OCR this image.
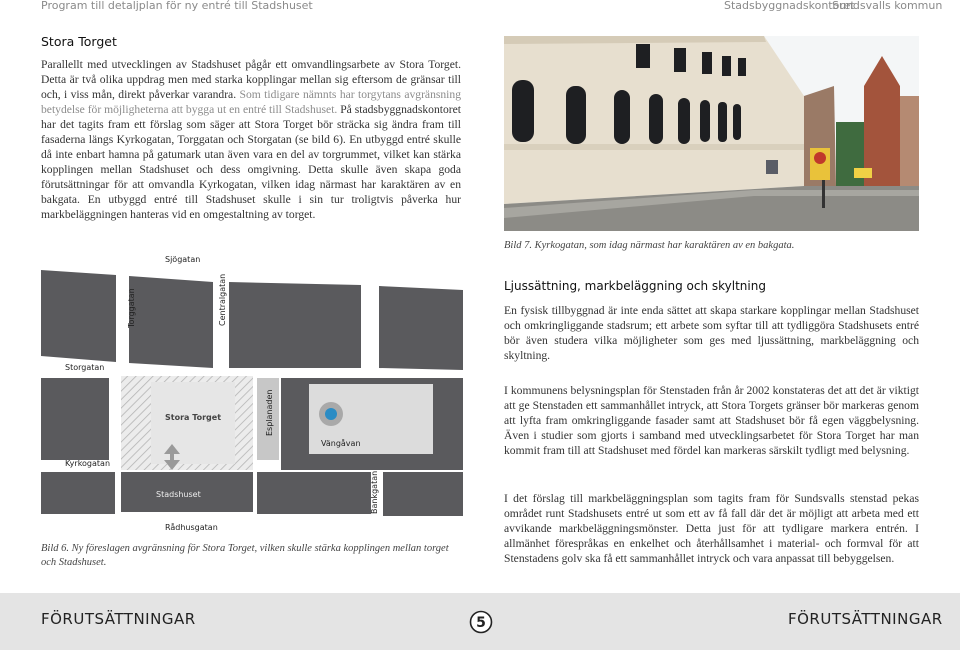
Program till detaljplan för ny entré till Stadshuset	Stadsbyggnadskontoret
Sundsvalls kommun
Stora Torget

Parallellt med utvecklingen av Stadshuset pågår ett omvandlingsarbete av Stora Torget. Detta är två olika uppdrag men med starka kopplingar mellan sig eftersom de gränsar till och, i viss mån, direkt påverkar varandra. Som tidigare nämnts har torgytans avgränsning betydelse för möjligheterna att bygga ut en entré till Stadshuset. På stadsbyggnadskontoret har det tagits fram ett förslag som säger att Stora Torget bör sträcka sig ändra fram till fasaderna längs Kyrkogatan, Torggatan och Storgatan (se bild 6). En utbyggd entré skulle då inte enbart hamna på gatumark utan även vara en del av torgrummet, vilket kan stärka kopplingen mellan Stadshuset och dess omgivning. Detta skulle även skapa goda förutsättningar för att omvandla Kyrkogatan, vilken idag närmast har karaktären av en bakgata. En utbyggd entré till Stadshuset skulle i sin tur troligtvis påverka hur markbeläggningen hanteras vid en omgestaltning av torget.

Sjögatan
Torggatan	Centralgatan
Storgatan
Stora Torget	Esplanaden
Vängåvan
Kyrkogatan
Stadshuset	Bankgatan
Rådhusgatan

Bild 6. Ny föreslagen avgränsning för Stora Torget, vilken skulle stärka kopplingen mellan torget och Stadshuset.

Bild 7. Kyrkogatan, som idag närmast har karaktären av en bakgata.
Ljussättning, markbeläggning och skyltning

En fysisk tillbyggnad är inte enda sättet att skapa starkare kopplingar mellan Stadshuset och omkringliggande stadsrum; ett arbete som syftar till att tydliggöra Stadshusets entré bör även studera vilka möjligheter som ges med ljussättning, markbeläggning och skyltning.

I kommunens belysningsplan för Stenstaden från år 2002 konstateras det att det är viktigt att ge Stenstaden ett sammanhållet intryck, att Stora Torgets gränser bör markeras genom att lyfta fram omkringliggande fasader samt att Stadshuset bör få egen väggbelysning. Även i studier som gjorts i samband med utvecklingsarbetet för Stora Torget har man kommit fram till att Stadshuset med fördel kan markeras särskilt tydligt med belysning.

I det förslag till markbeläggningsplan som tagits fram för Sundsvalls stenstad pekas området runt Stadshusets entré ut som ett av få fall där det är möjligt att arbeta med ett avvikande markbeläggningsmönster. Detta just för att tydligare markera entrén. I allmänhet förespråkas en enkelhet och återhållsamhet i material- och formval för att Stenstadens golv ska få ett sammanhållet intryck och vara anpassat till bebyggelsen.

FÖRUTSÄTTNINGAR	5	FÖRUTSÄTTNINGAR
